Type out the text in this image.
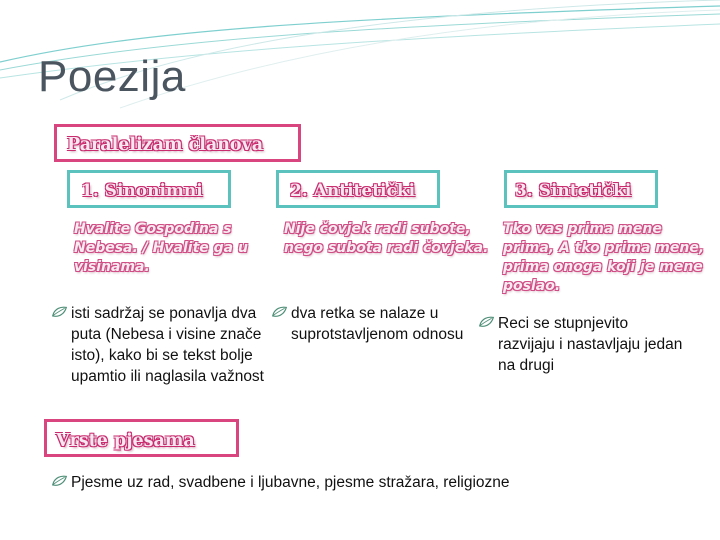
Poezija
Paralelizam članova
1. Sinonimni	2. Antitetički	3. Sintetički
Hvalite Gospodina s Nebesa. / Hvalite ga u visinama.
Nije čovjek radi subote, nego subota radi čovjeka.
Tko vas prima mene prima, A tko prima mene, prima onoga koji je mene poslao.
isti sadržaj se ponavlja dva puta (Nebesa i visine znače isto), kako bi se tekst bolje upamtio ili naglasila važnost
dva retka se nalaze u suprotstavljenom odnosu
Reci se stupnjevito razvijaju i nastavljaju jedan na drugi
Vrste pjesama
Pjesme uz rad, svadbene i ljubavne, pjesme stražara, religiozne
